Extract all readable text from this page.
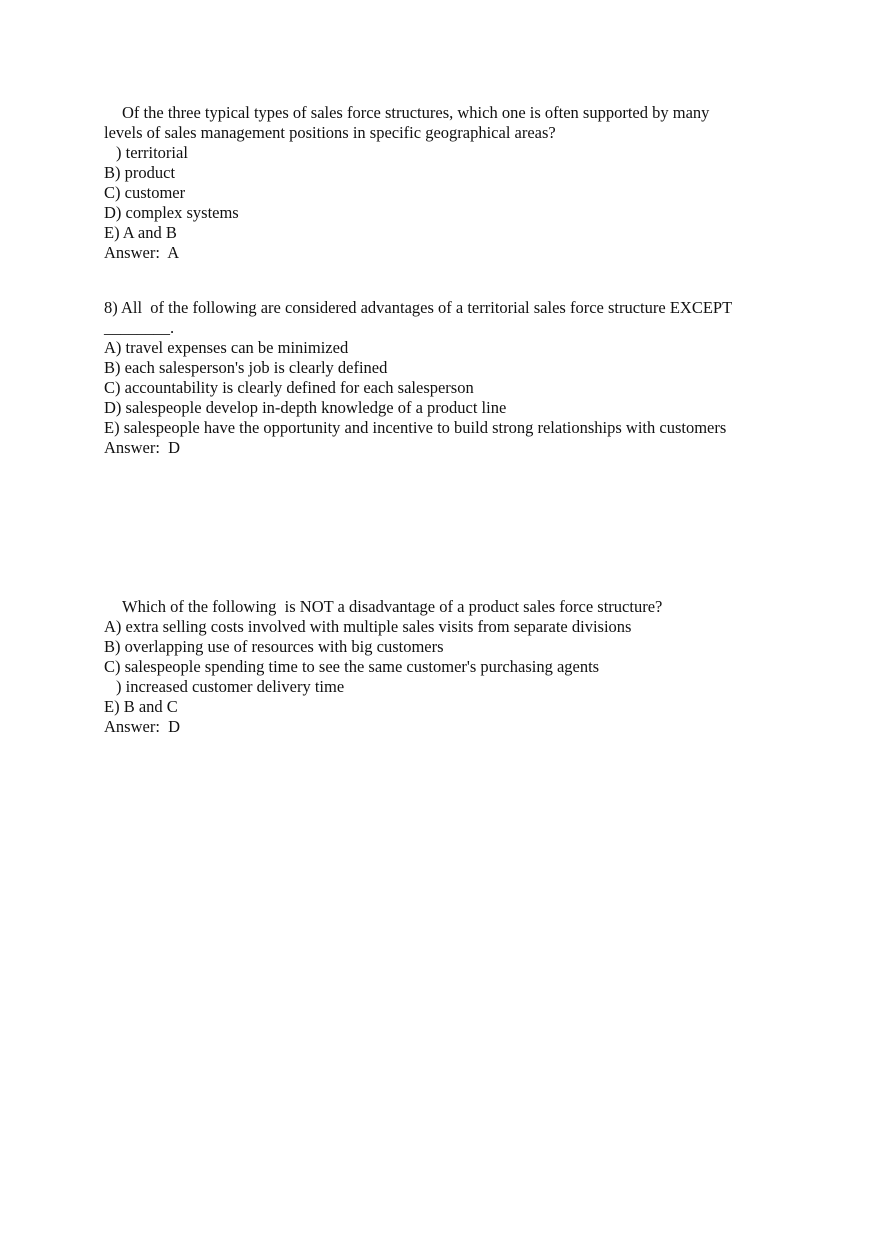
Of the three typical types of sales force structures, which one is often supported by many
levels of sales management positions in specific geographical areas?
) territorial
B) product
C) customer
D) complex systems
E) A and B
Answer:  A
8) All  of the following are considered advantages of a territorial sales force structure EXCEPT
________.
A) travel expenses can be minimized
B) each salesperson's job is clearly defined
C) accountability is clearly defined for each salesperson
D) salespeople develop in-depth knowledge of a product line
E) salespeople have the opportunity and incentive to build strong relationships with customers
Answer:  D
Which of the following  is NOT a disadvantage of a product sales force structure?
A) extra selling costs involved with multiple sales visits from separate divisions
B) overlapping use of resources with big customers
C) salespeople spending time to see the same customer's purchasing agents
) increased customer delivery time
E) B and C
Answer:  D
